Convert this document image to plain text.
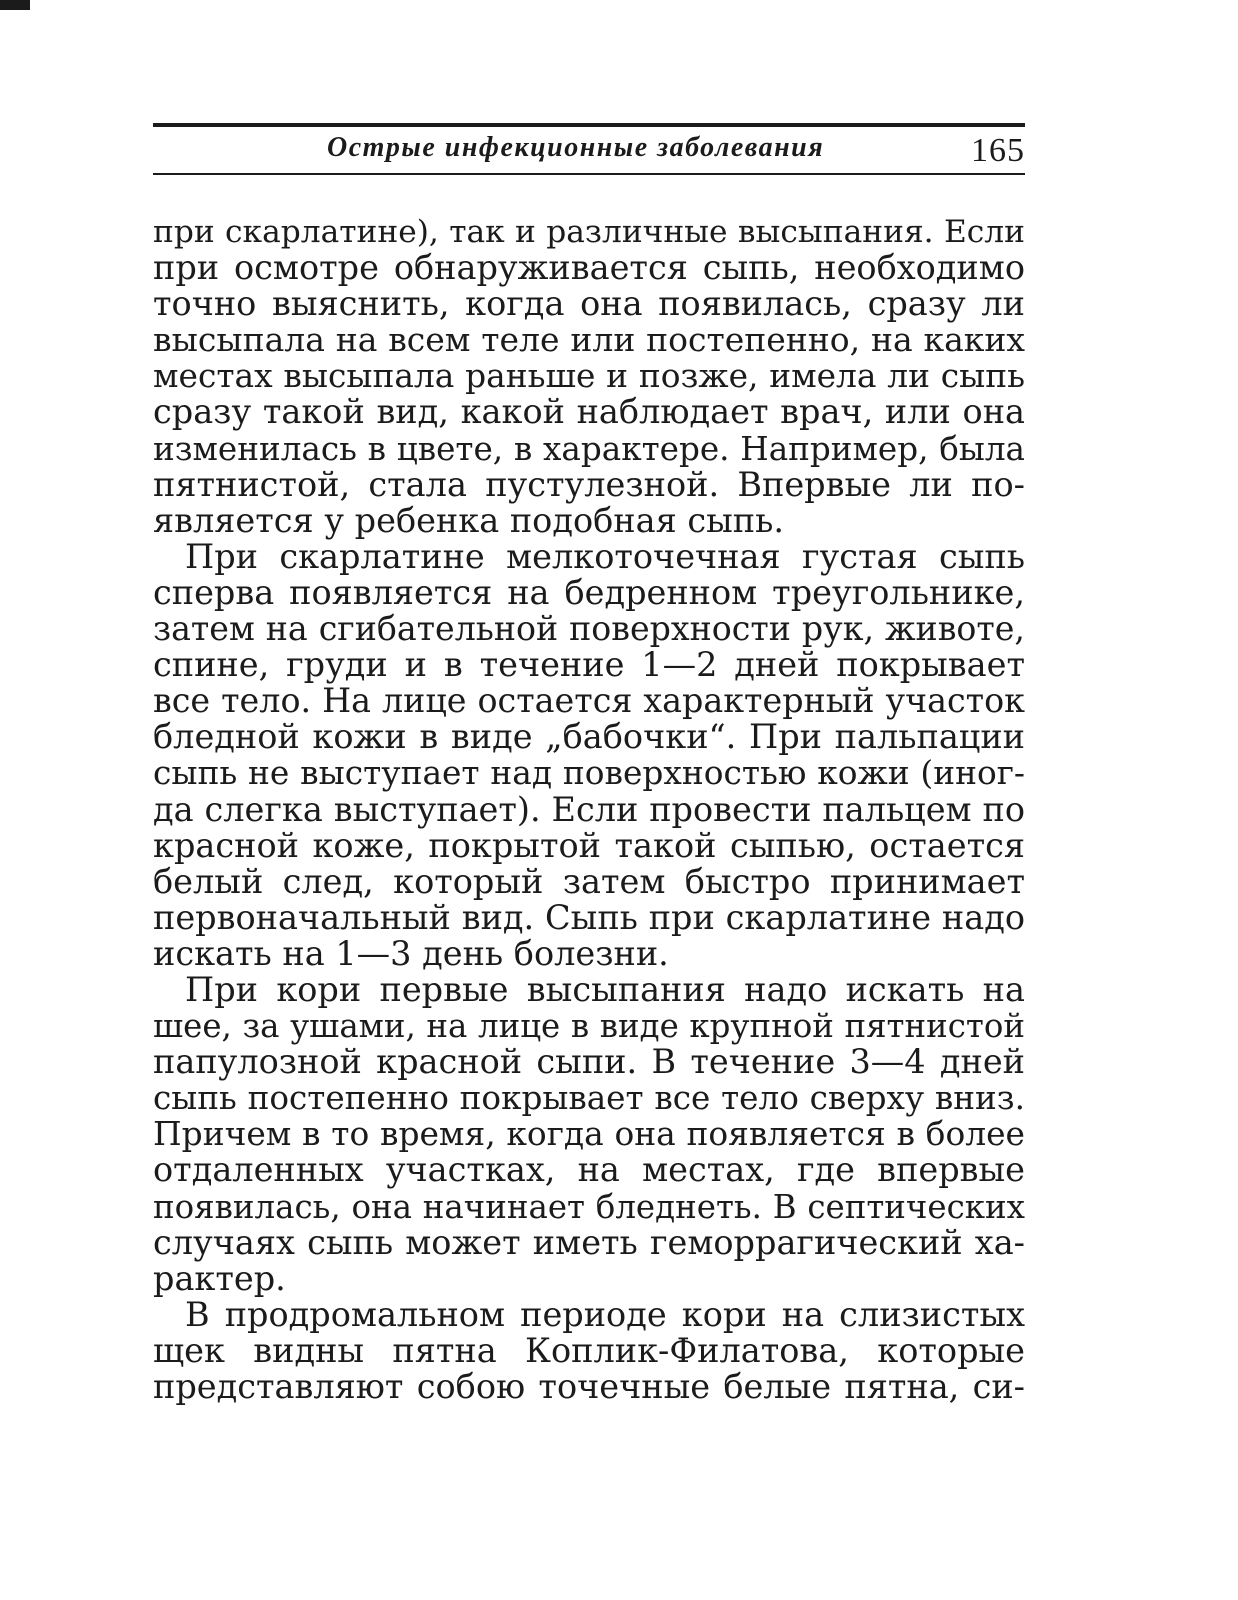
Острые инфекционные заболевания	165
при скарлатине), так и различные высыпания. Если
при осмотре обнаруживается сыпь, необходимо
точно выяснить, когда она появилась, сразу ли
высыпала на всем теле или постепенно, на каких
местах высыпала раньше и позже, имела ли сыпь
сразу такой вид, какой наблюдает врач, или она
изменилась в цвете, в характере. Например, была
пятнистой, стала пустулезной. Впервые ли по-
является у ребенка подобная сыпь.
При скарлатине мелкоточечная густая сыпь
сперва появляется на бедренном треугольнике,
затем на сгибательной поверхности рук, животе,
спине, груди и в течение 1—2 дней покрывает
все тело. На лице остается характерный участок
бледной кожи в виде „бабочки“. При пальпации
сыпь не выступает над поверхностью кожи (иног-
да слегка выступает). Если провести пальцем по
красной коже, покрытой такой сыпью, остается
белый след, который затем быстро принимает
первоначальный вид. Сыпь при скарлатине надо
искать на 1—3 день болезни.
При кори первые высыпания надо искать на
шее, за ушами, на лице в виде крупной пятнистой
папулозной красной сыпи. В течение 3—4 дней
сыпь постепенно покрывает все тело сверху вниз.
Причем в то время, когда она появляется в более
отдаленных участках, на местах, где впервые
появилась, она начинает бледнеть. В септических
случаях сыпь может иметь геморрагический ха-
рактер.
В продромальном периоде кори на слизистых
щек видны пятна Коплик-Филатова, которые
представляют собою точечные белые пятна, си-
